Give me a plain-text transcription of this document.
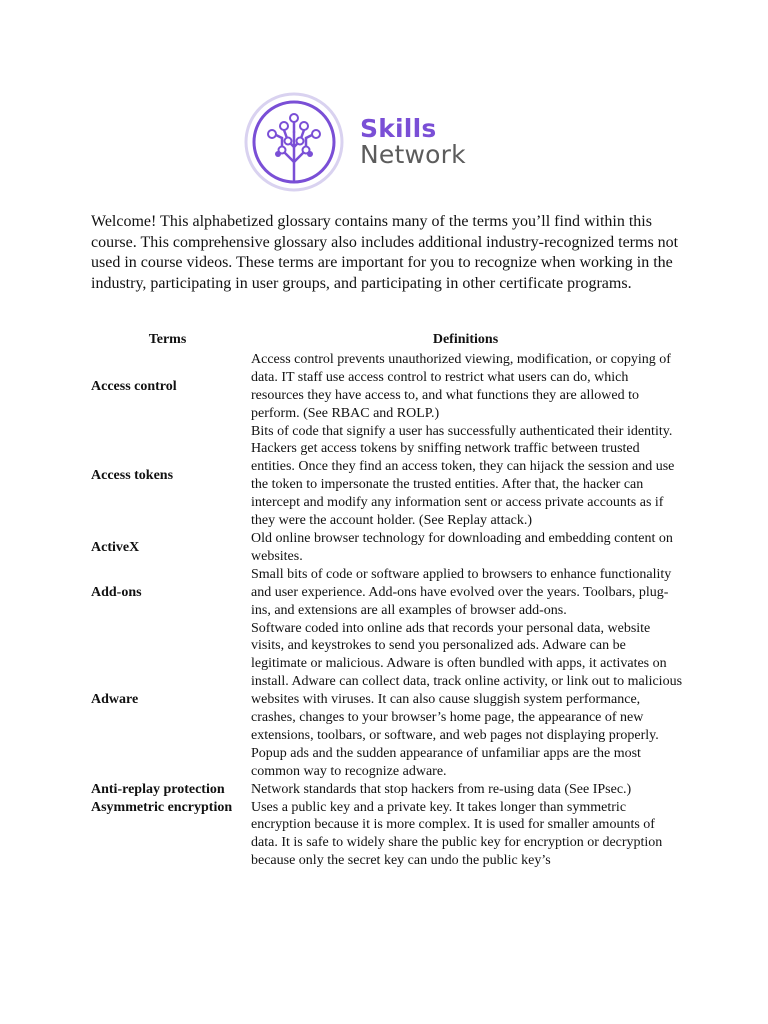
Skills
Network

Welcome! This alphabetized glossary contains many of the terms you’ll find within this course. This comprehensive glossary also includes additional industry-recognized terms not used in course videos. These terms are important for you to recognize when working in the industry, participating in user groups, and participating in other certificate programs.

Terms	Definitions
Access control	Access control prevents unauthorized viewing, modification, or copying of data. IT staff use access control to restrict what users can do, which resources they have access to, and what functions they are allowed to perform. (See RBAC and ROLP.)
Access tokens	Bits of code that signify a user has successfully authenticated their identity. Hackers get access tokens by sniffing network traffic between trusted entities. Once they find an access token, they can hijack the session and use the token to impersonate the trusted entities. After that, the hacker can intercept and modify any information sent or access private accounts as if they were the account holder. (See Replay attack.)
ActiveX	Old online browser technology for downloading and embedding content on websites.
Add-ons	Small bits of code or software applied to browsers to enhance functionality and user experience. Add-ons have evolved over the years. Toolbars, plug-ins, and extensions are all examples of browser add-ons.
Adware	Software coded into online ads that records your personal data, website visits, and keystrokes to send you personalized ads. Adware can be legitimate or malicious. Adware is often bundled with apps, it activates on install. Adware can collect data, track online activity, or link out to malicious websites with viruses. It can also cause sluggish system performance, crashes, changes to your browser’s home page, the appearance of new extensions, toolbars, or software, and web pages not displaying properly. Popup ads and the sudden appearance of unfamiliar apps are the most common way to recognize adware.
Anti-replay protection	Network standards that stop hackers from re-using data (See IPsec.)
Asymmetric encryption	Uses a public key and a private key. It takes longer than symmetric encryption because it is more complex. It is used for smaller amounts of data. It is safe to widely share the public key for encryption or decryption because only the secret key can undo the public key’s
